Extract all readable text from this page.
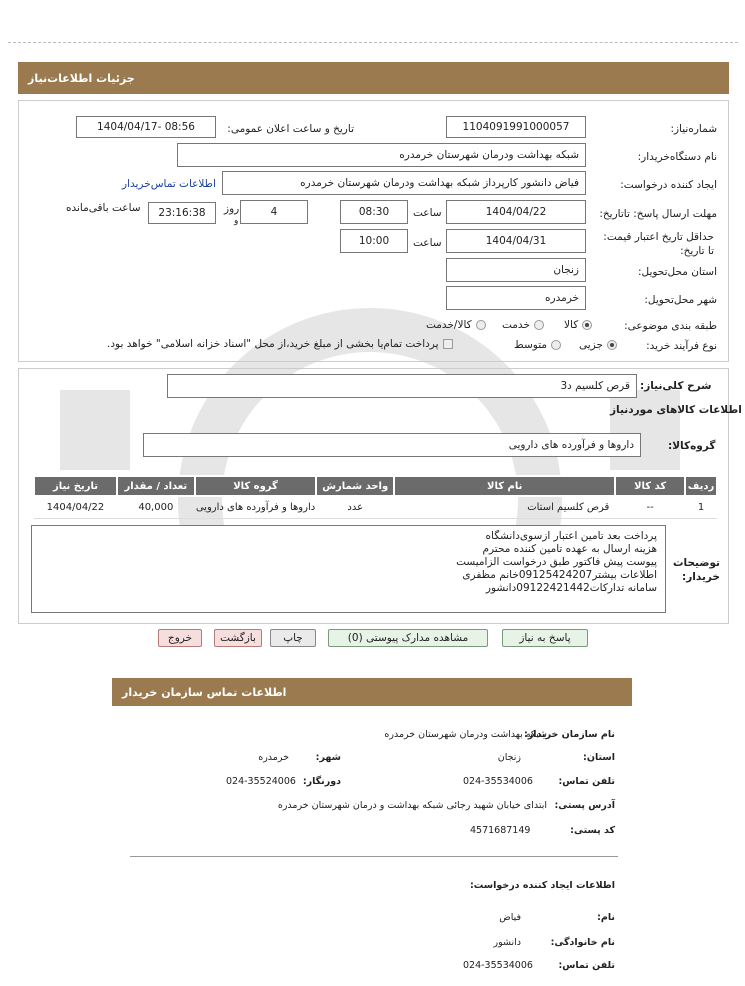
جزئیات اطلاعات‌نیاز
شماره‌نیاز:
1104091991000057
تاریخ و ساعت اعلان عمومی:
1404/04/17- 08:56
نام دستگاه‌خریدار:
شبکه بهداشت ودرمان شهرستان خرمدره
ایجاد کننده درخواست:
فیاض دانشور کارپرداز شبکه بهداشت ودرمان شهرستان خرمدره
اطلاعات تماس‌خریدار
مهلت ارسال پاسخ: تاتاریخ:
1404/04/22
ساعت
08:30
4
روز
و
23:16:38
ساعت باقی‌مانده
حداقل تاریخ اعتبار قیمت: تا تاریخ:
1404/04/31
ساعت
10:00
استان محل‌تحویل:
زنجان
شهر محل‌تحویل:
خرمدره
طبقه بندی موضوعی:
کالا
خدمت
کالا/خدمت
نوع فرآیند خرید:
جزیی
متوسط
پرداخت تمام‌یا بخشی از مبلغ خرید،از محل "اسناد خزانه اسلامی" خواهد بود.
شرح کلی‌نیاز:
قرص کلسیم د3
اطلاعات کالاهای موردنیاز
گروه‌کالا:
داروها و فرآورده های دارویی
ردیف	کد کالا	نام کالا	واحد شمارش	گروه کالا	تعداد / مقدار	تاریخ نیاز
1	--	قرص کلسیم استات	عدد	داروها و فرآورده های دارویی	40,000	1404/04/22
توضیحات خریدار:
پرداخت بعد تامین اعتبار ازسوی‌دانشگاه
هزینه ارسال به عهده تامین کننده محترم
پیوست پیش فاکتور طبق درخواست الزامیست
اطلاعات بیشتر09125424207خانم مظفری
سامانه تدارکات09122421442دانشور
پاسخ به نیاز
مشاهده مدارک پیوستی (0)
چاپ
بازگشت
خروج
اطلاعات تماس سازمان خریدار
نام سازمان خریدار:
شبکه بهداشت ودرمان شهرستان خرمدره
استان:
زنجان
شهر:
خرمدره
تلفن تماس:
024-35534006
دورنگار:
024-35524006
آدرس پستی:
ابتدای خیابان شهید رجائی شبکه بهداشت و درمان شهرستان خرمدره
کد پستی:
4571687149
اطلاعات ایجاد کننده درخواست:
نام:
فیاض
نام خانوادگی:
دانشور
تلفن تماس:
024-35534006
